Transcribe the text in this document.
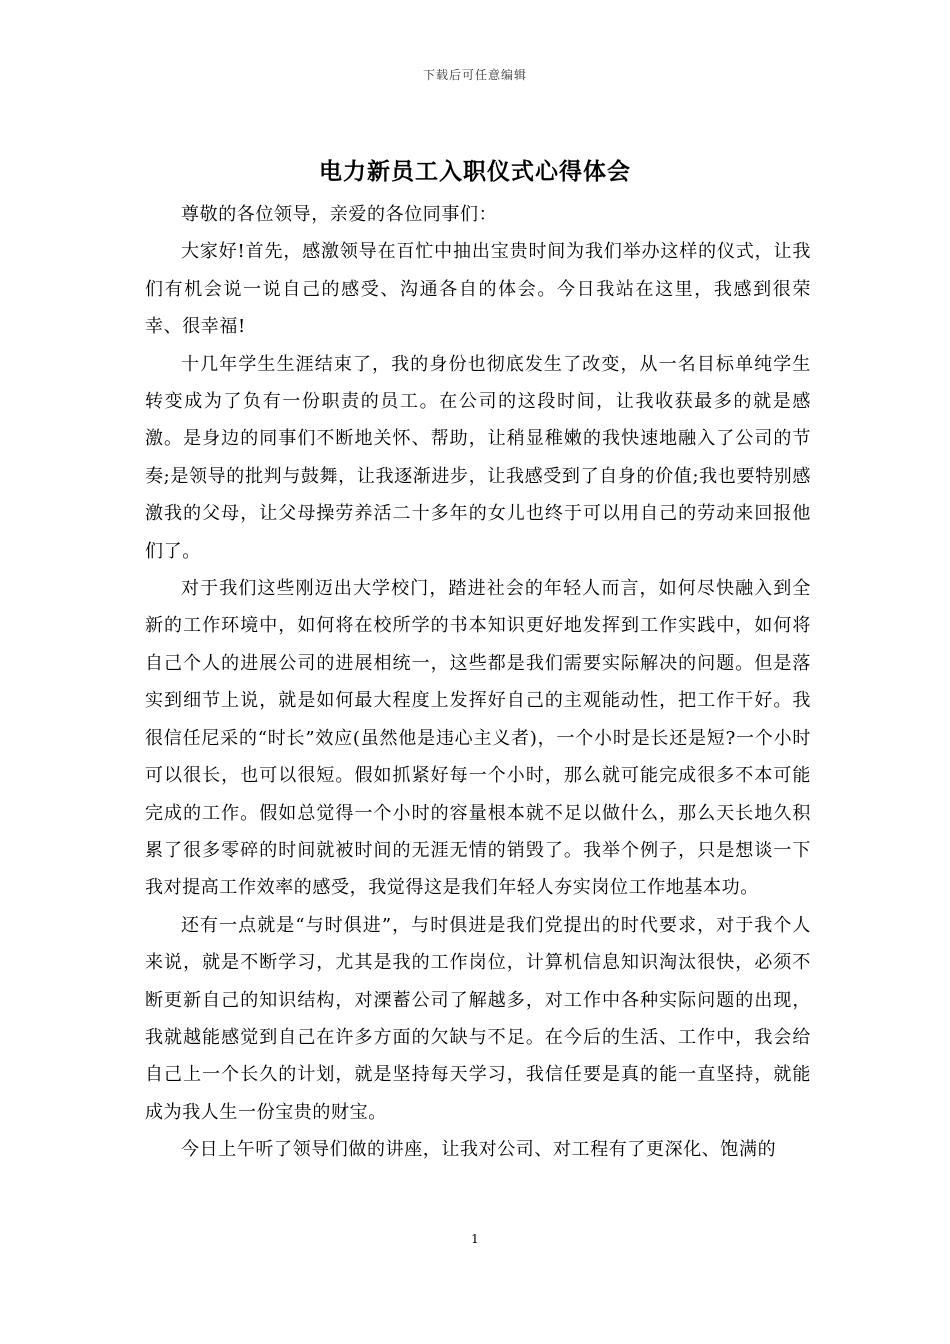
下载后可任意编辑
电力新员工入职仪式心得体会

尊敬的各位领导，亲爱的各位同事们：

大家好!首先，感激领导在百忙中抽出宝贵时间为我们举办这样的仪式，让我们有机会说一说自己的感受、沟通各自的体会。今日我站在这里，我感到很荣幸、很幸福!

十几年学生生涯结束了，我的身份也彻底发生了改变，从一名目标单纯学生转变成为了负有一份职责的员工。在公司的这段时间，让我收获最多的就是感激。是身边的同事们不断地关怀、帮助，让稍显稚嫩的我快速地融入了公司的节奏;是领导的批判与鼓舞，让我逐渐进步，让我感受到了自身的价值;我也要特别感激我的父母，让父母操劳养活二十多年的女儿也终于可以用自己的劳动来回报他们了。

对于我们这些刚迈出大学校门，踏进社会的年轻人而言，如何尽快融入到全新的工作环境中，如何将在校所学的书本知识更好地发挥到工作实践中，如何将自己个人的进展公司的进展相统一，这些都是我们需要实际解决的问题。但是落实到细节上说，就是如何最大程度上发挥好自己的主观能动性，把工作干好。我很信任尼采的“时长”效应(虽然他是违心主义者)，一个小时是长还是短?一个小时可以很长，也可以很短。假如抓紧好每一个小时，那么就可能完成很多不本可能完成的工作。假如总觉得一个小时的容量根本就不足以做什么，那么天长地久积累了很多零碎的时间就被时间的无涯无情的销毁了。我举个例子，只是想谈一下我对提高工作效率的感受，我觉得这是我们年轻人夯实岗位工作地基本功。

还有一点就是“与时俱进”，与时俱进是我们党提出的时代要求，对于我个人来说，就是不断学习，尤其是我的工作岗位，计算机信息知识淘汰很快，必须不断更新自己的知识结构，对溧蓄公司了解越多，对工作中各种实际问题的出现，我就越能感觉到自己在许多方面的欠缺与不足。在今后的生活、工作中，我会给自己上一个长久的计划，就是坚持每天学习，我信任要是真的能一直坚持，就能成为我人生一份宝贵的财宝。

今日上午听了领导们做的讲座，让我对公司、对工程有了更深化、饱满的

1
